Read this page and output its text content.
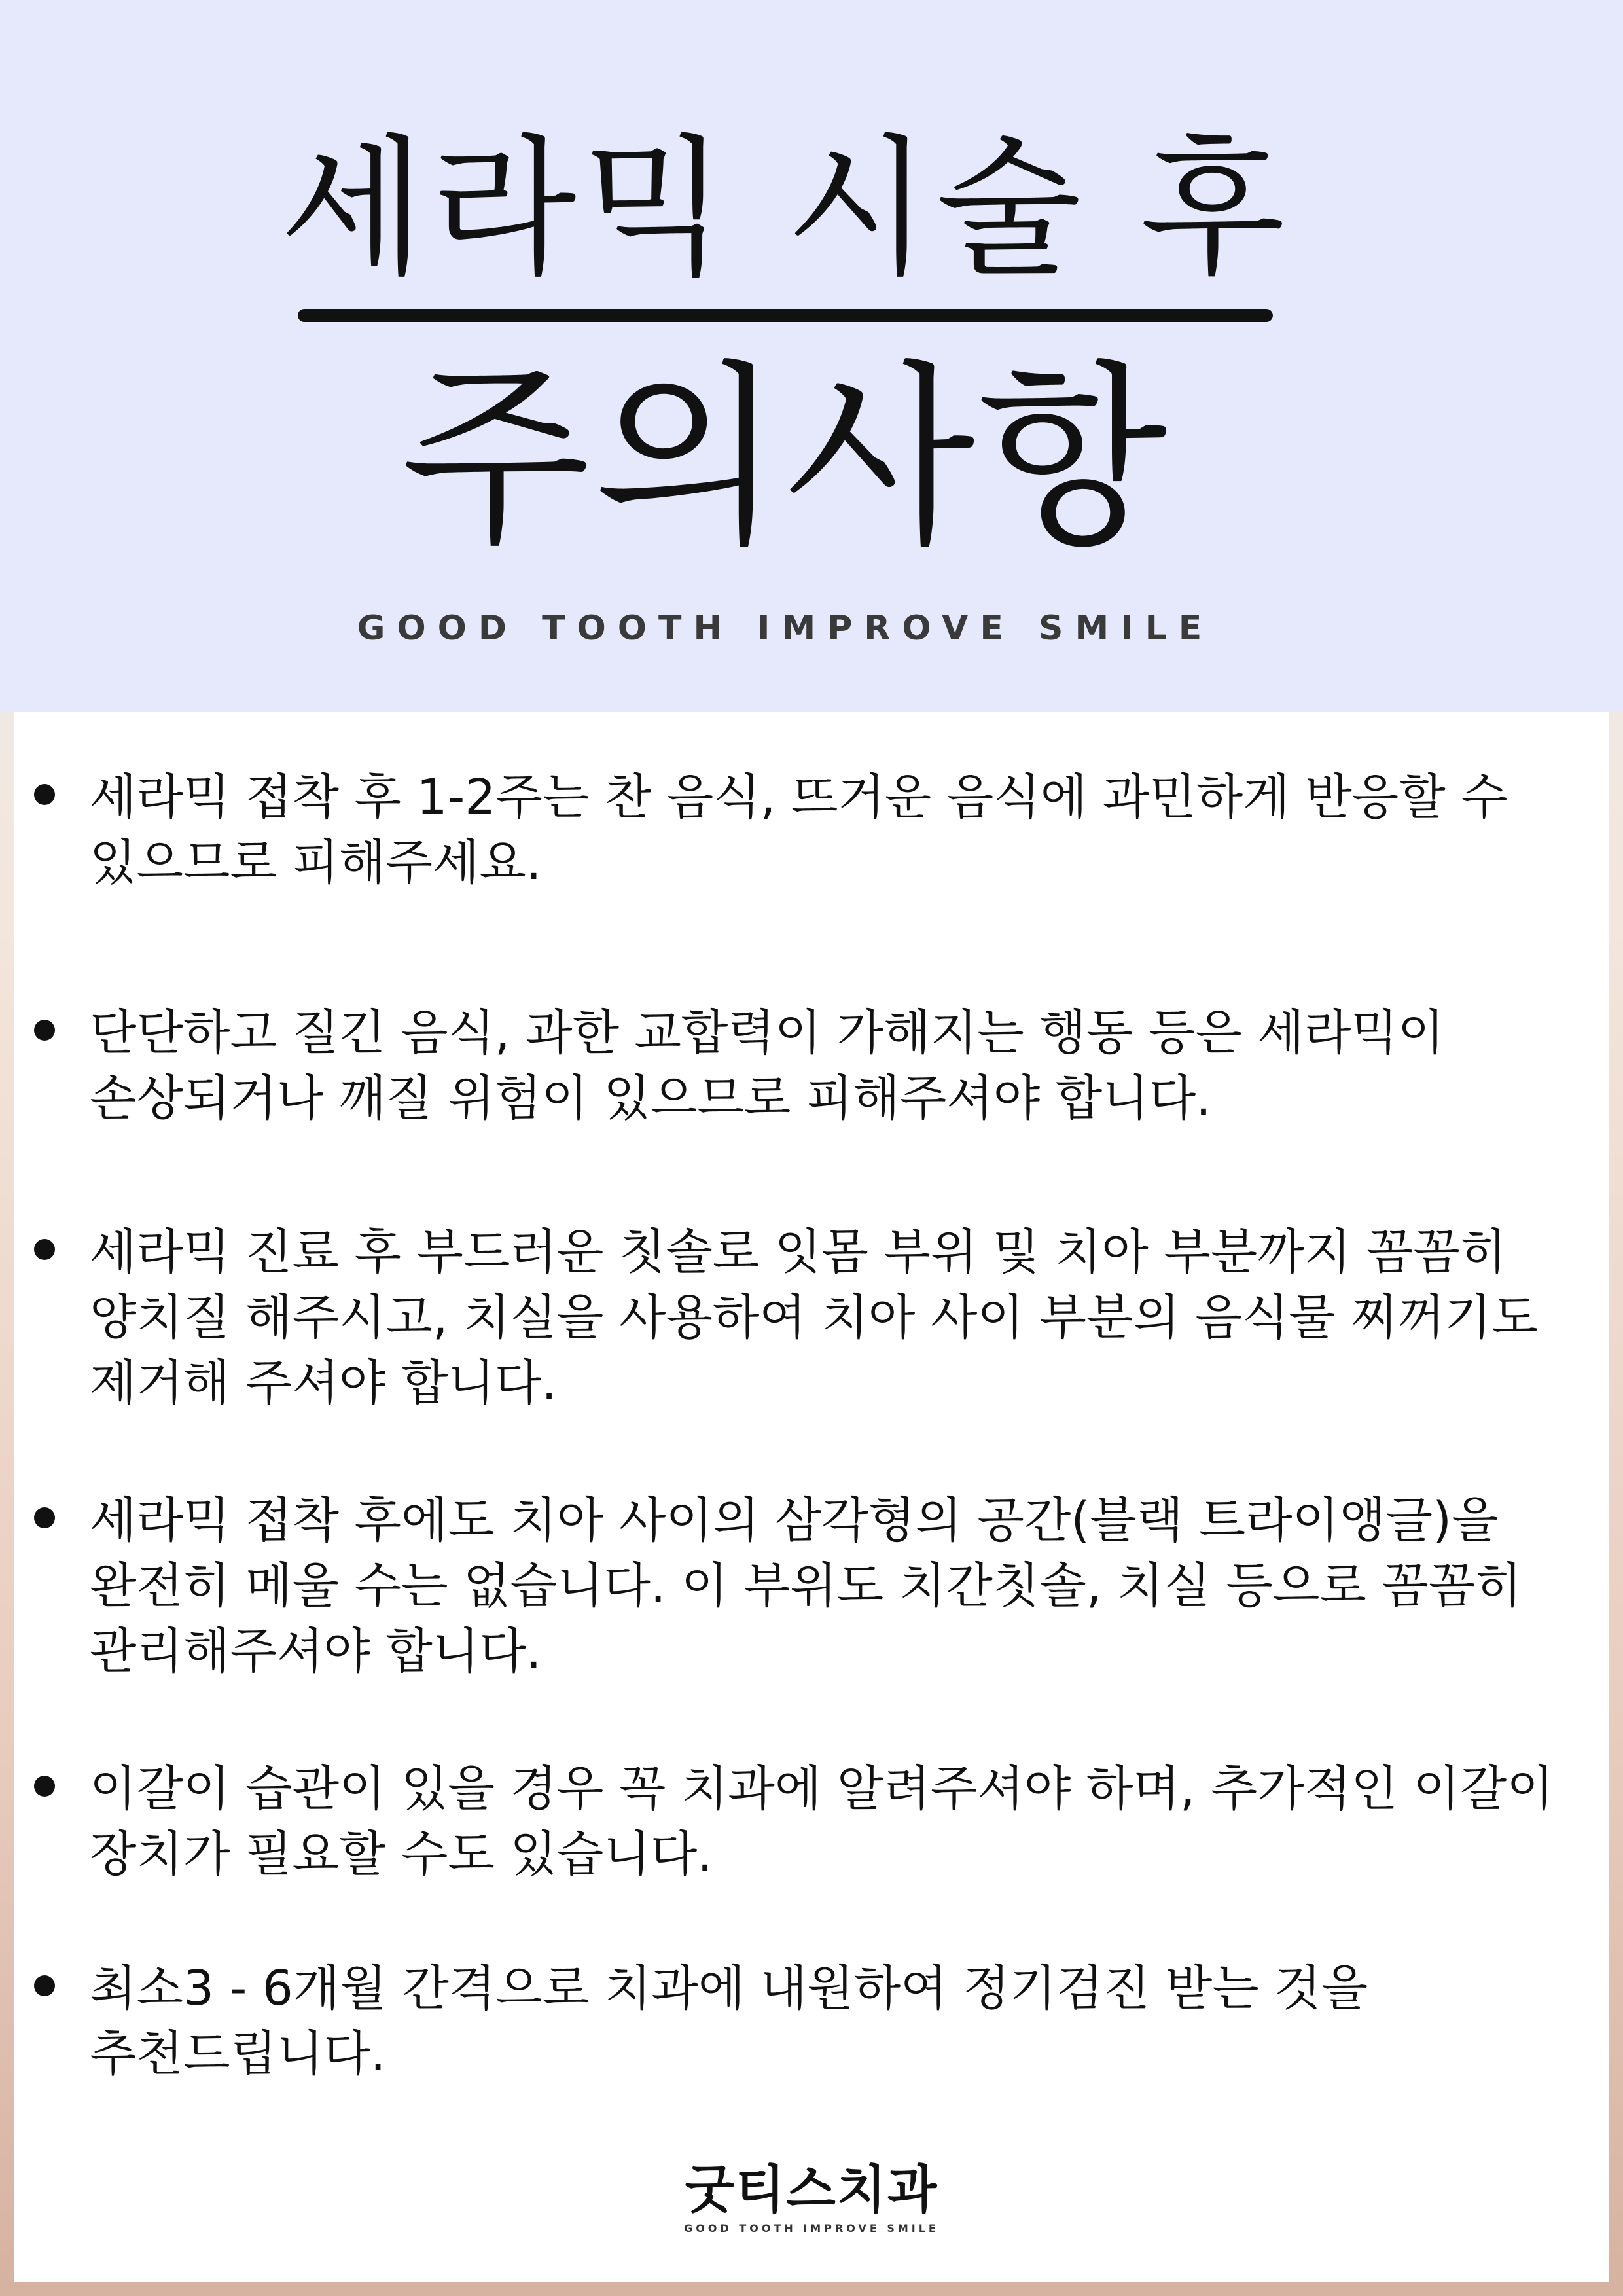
세라믹 시술 후
주의사항
GOOD TOOTH IMPROVE SMILE
세라믹 접착 후 1-2주는 찬 음식, 뜨거운 음식에 과민하게 반응할 수 있으므로 피해주세요.
단단하고 질긴 음식, 과한 교합력이 가해지는 행동 등은 세라믹이 손상되거나 깨질 위험이 있으므로 피해주셔야 합니다.
세라믹 진료 후 부드러운 칫솔로 잇몸 부위 및 치아 부분까지 꼼꼼히 양치질 해주시고, 치실을 사용하여 치아 사이 부분의 음식물 찌꺼기도 제거해 주셔야 합니다.
세라믹 접착 후에도 치아 사이의 삼각형의 공간(블랙 트라이앵글)을 완전히 메울 수는 없습니다. 이 부위도 치간칫솔, 치실 등으로 꼼꼼히 관리해주셔야 합니다.
이갈이 습관이 있을 경우 꼭 치과에 알려주셔야 하며, 추가적인 이갈이 장치가 필요할 수도 있습니다.
최소3 - 6개월 간격으로 치과에 내원하여 정기검진 받는 것을 추천드립니다.
굿티스치과
GOOD TOOTH IMPROVE SMILE
